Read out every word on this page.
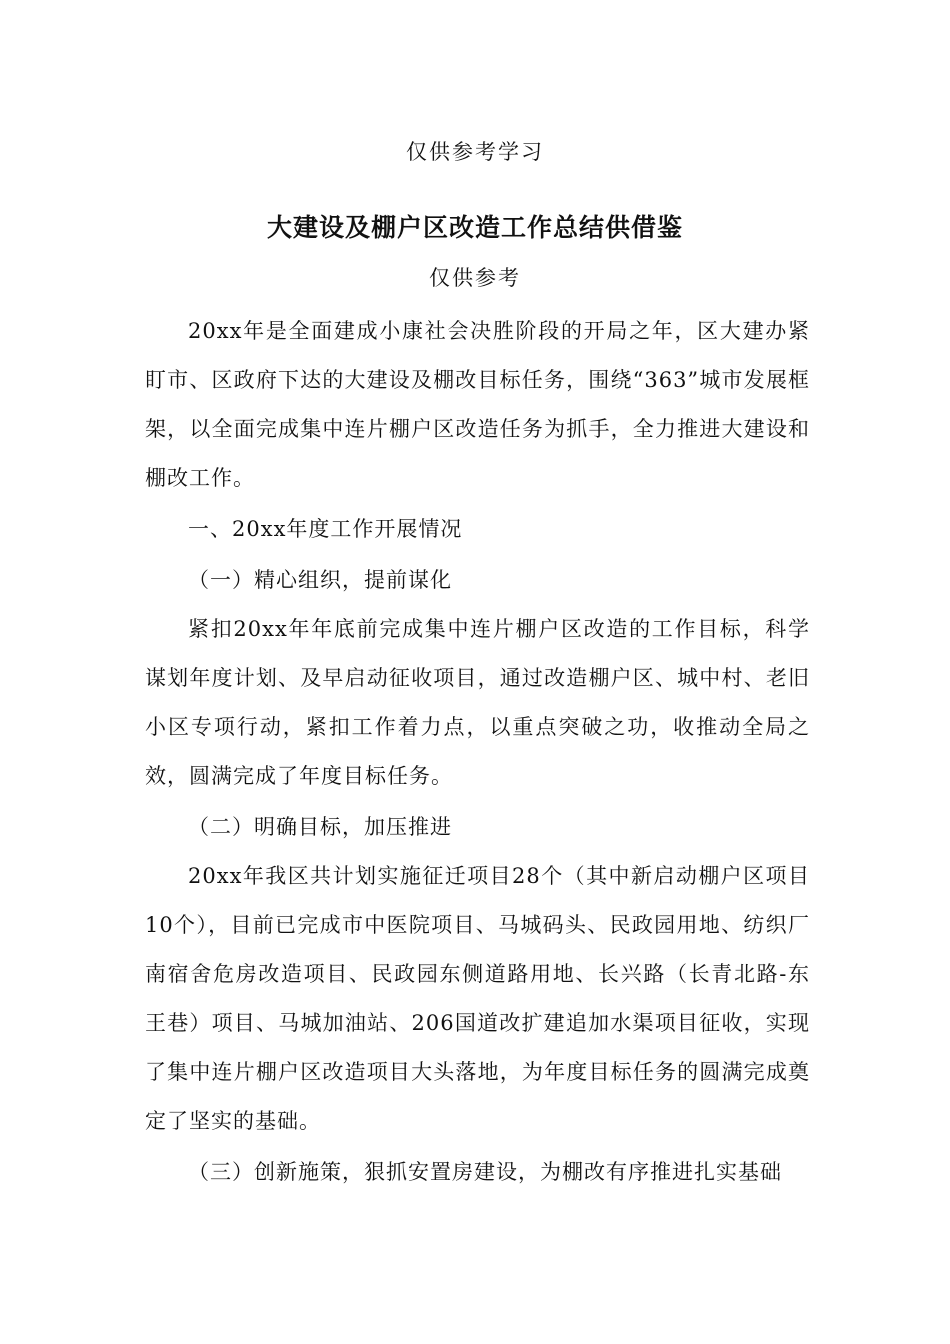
仅供参考学习
大建设及棚户区改造工作总结供借鉴
仅供参考

20xx年是全面建成小康社会决胜阶段的开局之年，区大建办紧盯市、区政府下达的大建设及棚改目标任务，围绕“363”城市发展框架，以全面完成集中连片棚户区改造任务为抓手，全力推进大建设和棚改工作。

一、20xx年度工作开展情况

（一）精心组织，提前谋化

紧扣20xx年年底前完成集中连片棚户区改造的工作目标，科学谋划年度计划、及早启动征收项目，通过改造棚户区、城中村、老旧小区专项行动，紧扣工作着力点，以重点突破之功，收推动全局之效，圆满完成了年度目标任务。

（二）明确目标，加压推进

20xx年我区共计划实施征迁项目28个（其中新启动棚户区项目10个），目前已完成市中医院项目、马城码头、民政园用地、纺织厂南宿舍危房改造项目、民政园东侧道路用地、长兴路（长青北路-东王巷）项目、马城加油站、206国道改扩建追加水渠项目征收，实现了集中连片棚户区改造项目大头落地，为年度目标任务的圆满完成奠定了坚实的基础。

（三）创新施策，狠抓安置房建设，为棚改有序推进扎实基础
